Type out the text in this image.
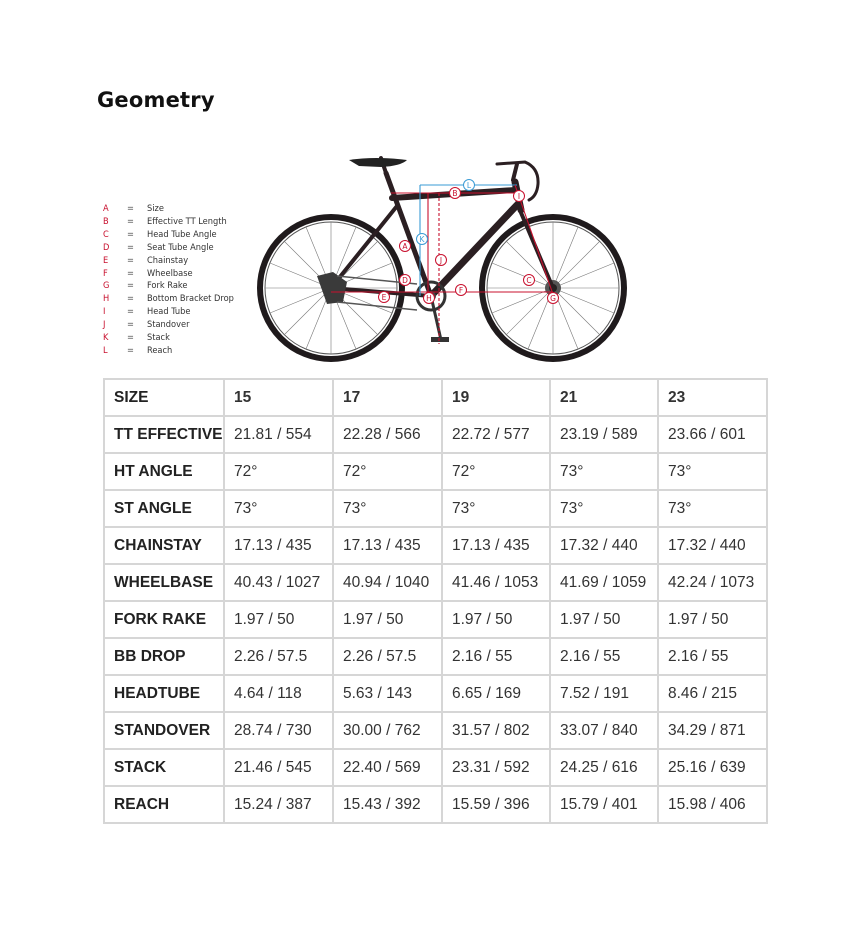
Geometry
A	=	Size
B	=	Effective TT Length
C	=	Head Tube Angle
D	=	Seat Tube Angle
E	=	Chainstay
F	=	Wheelbase
G	=	Fork Rake
H	=	Bottom Bracket Drop
I	=	Head Tube
J	=	Standover
K	=	Stack
L	=	Reach
A
B
C
D
E
F
G
H
I
J
K
L
SIZE	15	17	19	21	23
TT EFFECTIVE	21.81 / 554	22.28 / 566	22.72 / 577	23.19 / 589	23.66 / 601
HT ANGLE	72°	72°	72°	73°	73°
ST ANGLE	73°	73°	73°	73°	73°
CHAINSTAY	17.13 / 435	17.13 / 435	17.13 / 435	17.32 / 440	17.32 / 440
WHEELBASE	40.43 / 1027	40.94 / 1040	41.46 / 1053	41.69 / 1059	42.24 / 1073
FORK RAKE	1.97 / 50	1.97 / 50	1.97 / 50	1.97 / 50	1.97 / 50
BB DROP	2.26 / 57.5	2.26 / 57.5	2.16 / 55	2.16 / 55	2.16 / 55
HEADTUBE	4.64 / 118	5.63 / 143	6.65 / 169	7.52 / 191	8.46 / 215
STANDOVER	28.74 / 730	30.00 / 762	31.57 / 802	33.07 / 840	34.29 / 871
STACK	21.46 / 545	22.40 / 569	23.31 / 592	24.25 / 616	25.16 / 639
REACH	15.24 / 387	15.43 / 392	15.59 / 396	15.79 / 401	15.98 / 406
